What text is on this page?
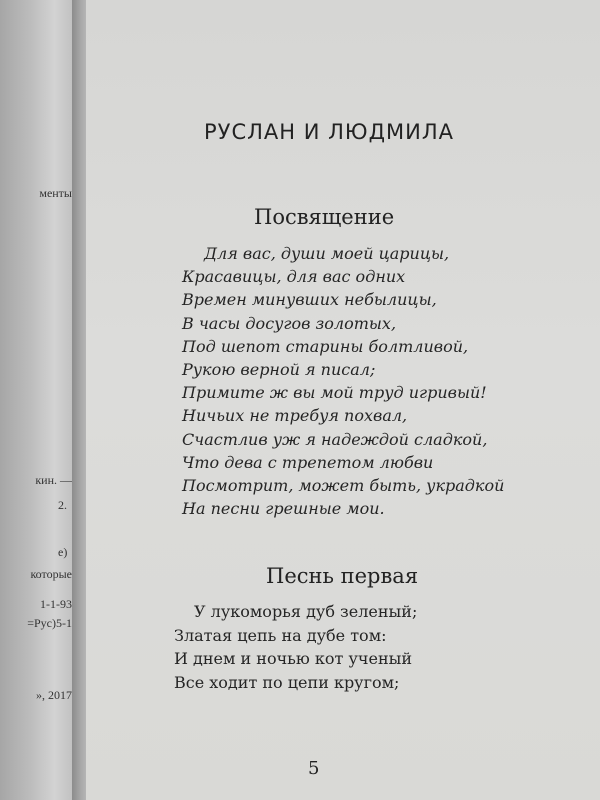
менты
кин. —
2.
е)
которые
1-1-93
=Рус)5-1
», 2017
РУСЛАН И ЛЮДМИЛА
Посвящение
Для вас, души моей царицы,
Красавицы, для вас одних
Времен минувших небылицы,
В часы досугов золотых,
Под шепот старины болтливой,
Рукою верной я писал;
Примите ж вы мой труд игривый!
Ничьих не требуя похвал,
Счастлив уж я надеждой сладкой,
Что дева с трепетом любви
Посмотрит, может быть, украдкой
На песни грешные мои.
Песнь первая
У лукоморья дуб зеленый;
Златая цепь на дубе том:
И днем и ночью кот ученый
Все ходит по цепи кругом;
5
